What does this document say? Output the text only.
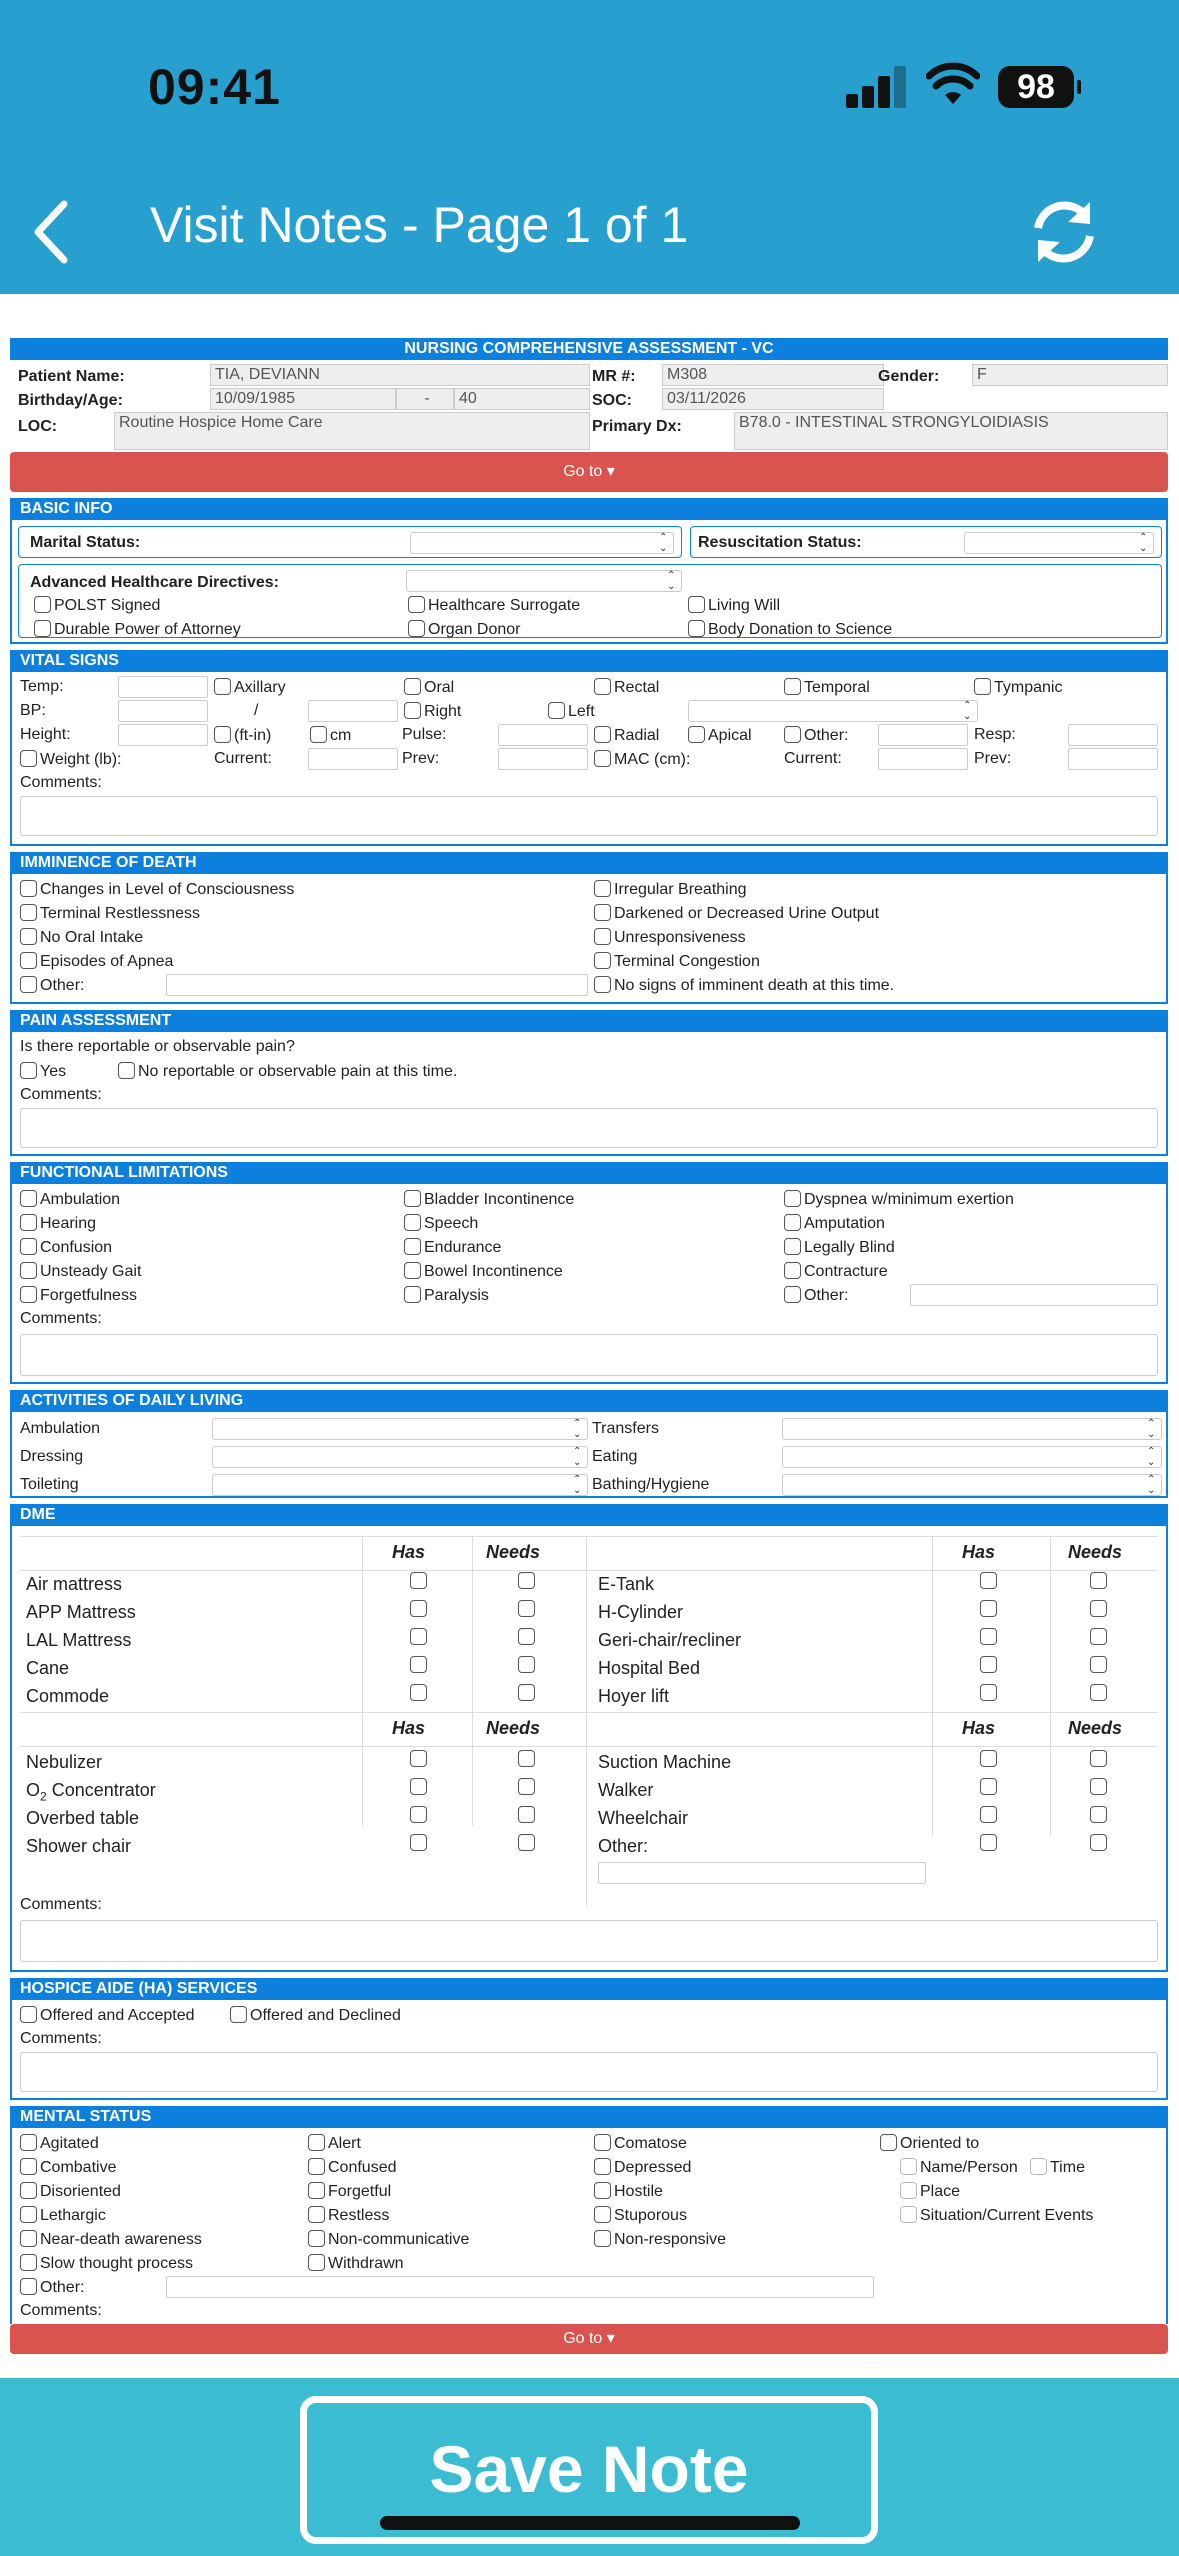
09:41	98
Visit Notes - Page 1 of 1
NURSING COMPREHENSIVE ASSESSMENT - VC
Patient Name:	TIA, DEVIANN	MR #:	M308	Gender:	F
Birthday/Age:	10/09/1985	-	40	SOC:	03/11/2026
LOC:	Routine Hospice Home Care	Primary Dx:	B78.0 - INTESTINAL STRONGYLOIDIASIS
Go to ▾
BASIC INFO
Marital Status:
⌃⌄	Resuscitation Status:
⌃⌄
Advanced Healthcare Directives:
⌃⌄
POLST Signed	Healthcare Surrogate	Living Will
Durable Power of Attorney	Organ Donor	Body Donation to Science
VITAL SIGNS
Temp:	Axillary	Oral	Rectal	Temporal	Tympanic
BP:	/	Right	Left
⌃⌄
Height:	(ft-in)	cm	Pulse:	Radial	Apical	Other:	Resp:
Weight (lb):	Current:	Prev:	MAC (cm):	Current:	Prev:
Comments:
IMMINENCE OF DEATH
Changes in Level of Consciousness
Terminal Restlessness
No Oral Intake
Episodes of Apnea
Other:
Irregular Breathing
Darkened or Decreased Urine Output
Unresponsiveness
Terminal Congestion
No signs of imminent death at this time.
PAIN ASSESSMENT
Is there reportable or observable pain?
Yes	No reportable or observable pain at this time.
Comments:
FUNCTIONAL LIMITATIONS
Ambulation
Hearing
Confusion
Unsteady Gait
Forgetfulness
Bladder Incontinence
Speech
Endurance
Bowel Incontinence
Paralysis
Dyspnea w/minimum exertion
Amputation
Legally Blind
Contracture
Other:
Comments:
ACTIVITIES OF DAILY LIVING
Ambulation
⌃⌄
Dressing
⌃⌄
Toileting
⌃⌄
Transfers
⌃⌄
Eating
⌃⌄
Bathing/Hygiene
⌃⌄
DME
Has	Needs	Has	Needs
Air mattress
APP Mattress
LAL Mattress
Cane
Commode
E-Tank
H-Cylinder
Geri-chair/recliner
Hospital Bed
Hoyer lift
Has	Needs	Has	Needs
Nebulizer
$O_2$ Concentrator
Overbed table
Shower chair
Suction Machine
Walker
Wheelchair
Other:
Comments:
HOSPICE AIDE (HA) SERVICES
Offered and Accepted	Offered and Declined
Comments:
MENTAL STATUS
Agitated
Combative
Disoriented
Lethargic
Near-death awareness
Slow thought process
Other:
Alert
Confused
Forgetful
Restless
Non-communicative
Withdrawn
Comatose
Depressed
Hostile
Stuporous
Non-responsive
Oriented to
Name/Person	Time
Place
Situation/Current Events
Comments:
Go to ▾
Save Note
